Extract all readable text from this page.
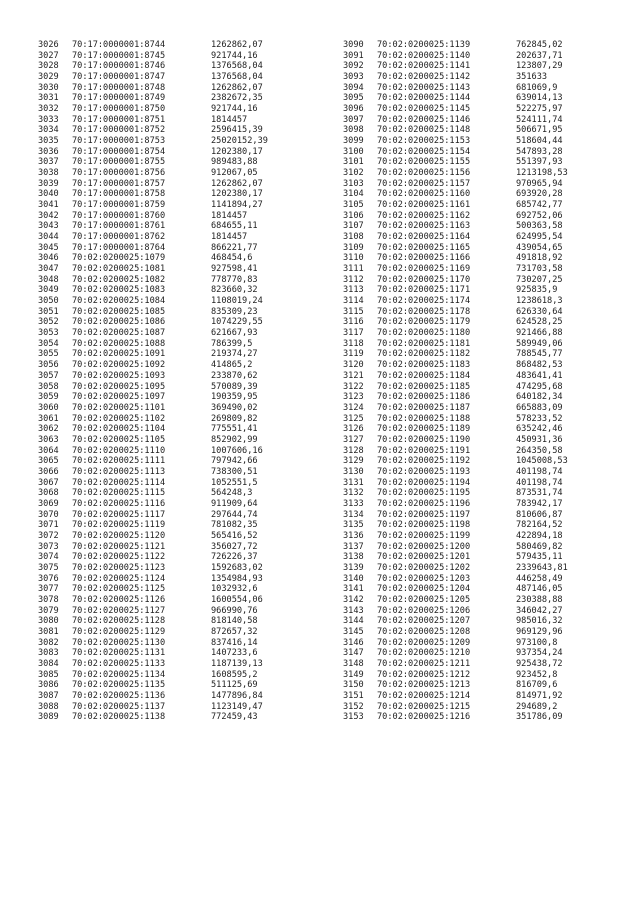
3026 70:17:0000001:8744	1262862,07
3027 70:17:0000001:8745	921744,16
3028 70:17:0000001:8746	1376568,04
3029 70:17:0000001:8747	1376568,04
3030 70:17:0000001:8748	1262862,07
3031 70:17:0000001:8749	2382672,35
3032 70:17:0000001:8750	921744,16
3033 70:17:0000001:8751	1814457
3034 70:17:0000001:8752	2596415,39
3035 70:17:0000001:8753	25020152,39
3036 70:17:0000001:8754	1202380,17
3037 70:17:0000001:8755	989483,88
3038 70:17:0000001:8756	912067,05
3039 70:17:0000001:8757	1262862,07
3040 70:17:0000001:8758	1202380,17
3041 70:17:0000001:8759	1141894,27
3042 70:17:0000001:8760	1814457
3043 70:17:0000001:8761	684655,11
3044 70:17:0000001:8762	1814457
3045 70:17:0000001:8764	866221,77
3046 70:02:0200025:1079	468454,6
3047 70:02:0200025:1081	927598,41
3048 70:02:0200025:1082	778770,83
3049 70:02:0200025:1083	823660,32
3050 70:02:0200025:1084	1108019,24
3051 70:02:0200025:1085	835309,23
3052 70:02:0200025:1086	1074229,55
3053 70:02:0200025:1087	621667,93
3054 70:02:0200025:1088	786399,5
3055 70:02:0200025:1091	219374,27
3056 70:02:0200025:1092	414865,2
3057 70:02:0200025:1093	233870,62
3058 70:02:0200025:1095	570089,39
3059 70:02:0200025:1097	190359,95
3060 70:02:0200025:1101	369490,02
3061 70:02:0200025:1102	269809,82
3062 70:02:0200025:1104	775551,41
3063 70:02:0200025:1105	852902,99
3064 70:02:0200025:1110	1007606,16
3065 70:02:0200025:1111	797942,66
3066 70:02:0200025:1113	738300,51
3067 70:02:0200025:1114	1052551,5
3068 70:02:0200025:1115	564248,3
3069 70:02:0200025:1116	911909,64
3070 70:02:0200025:1117	297644,74
3071 70:02:0200025:1119	781082,35
3072 70:02:0200025:1120	565416,52
3073 70:02:0200025:1121	356027,72
3074 70:02:0200025:1122	726226,37
3075 70:02:0200025:1123	1592683,02
3076 70:02:0200025:1124	1354984,93
3077 70:02:0200025:1125	1032932,6
3078 70:02:0200025:1126	1600554,06
3079 70:02:0200025:1127	966990,76
3080 70:02:0200025:1128	818140,58
3081 70:02:0200025:1129	872657,32
3082 70:02:0200025:1130	837416,14
3083 70:02:0200025:1131	1407233,6
3084 70:02:0200025:1133	1187139,13
3085 70:02:0200025:1134	1608595,2
3086 70:02:0200025:1135	511125,69
3087 70:02:0200025:1136	1477896,84
3088 70:02:0200025:1137	1123149,47
3089 70:02:0200025:1138	772459,43
3090 70:02:0200025:1139	762845,02
3091 70:02:0200025:1140	202637,71
3092 70:02:0200025:1141	123807,29
3093 70:02:0200025:1142	351633
3094 70:02:0200025:1143	681069,9
3095 70:02:0200025:1144	639014,13
3096 70:02:0200025:1145	522275,97
3097 70:02:0200025:1146	524111,74
3098 70:02:0200025:1148	506671,95
3099 70:02:0200025:1153	518604,44
3100 70:02:0200025:1154	547893,28
3101 70:02:0200025:1155	551397,93
3102 70:02:0200025:1156	1213198,53
3103 70:02:0200025:1157	970965,94
3104 70:02:0200025:1160	693920,28
3105 70:02:0200025:1161	685742,77
3106 70:02:0200025:1162	692752,06
3107 70:02:0200025:1163	500363,58
3108 70:02:0200025:1164	624995,54
3109 70:02:0200025:1165	439054,65
3110 70:02:0200025:1166	491818,92
3111 70:02:0200025:1169	731703,58
3112 70:02:0200025:1170	730207,25
3113 70:02:0200025:1171	925835,9
3114 70:02:0200025:1174	1238618,3
3115 70:02:0200025:1178	626330,64
3116 70:02:0200025:1179	624528,25
3117 70:02:0200025:1180	921466,88
3118 70:02:0200025:1181	589949,06
3119 70:02:0200025:1182	788545,77
3120 70:02:0200025:1183	868482,53
3121 70:02:0200025:1184	483641,41
3122 70:02:0200025:1185	474295,68
3123 70:02:0200025:1186	640182,34
3124 70:02:0200025:1187	665883,09
3125 70:02:0200025:1188	578233,52
3126 70:02:0200025:1189	635242,46
3127 70:02:0200025:1190	450931,36
3128 70:02:0200025:1191	264350,58
3129 70:02:0200025:1192	1045008,53
3130 70:02:0200025:1193	401198,74
3131 70:02:0200025:1194	401198,74
3132 70:02:0200025:1195	873531,74
3133 70:02:0200025:1196	783942,17
3134 70:02:0200025:1197	810606,87
3135 70:02:0200025:1198	782164,52
3136 70:02:0200025:1199	422894,18
3137 70:02:0200025:1200	580469,82
3138 70:02:0200025:1201	579435,11
3139 70:02:0200025:1202	2339643,81
3140 70:02:0200025:1203	446258,49
3141 70:02:0200025:1204	487146,05
3142 70:02:0200025:1205	230388,88
3143 70:02:0200025:1206	346042,27
3144 70:02:0200025:1207	985016,32
3145 70:02:0200025:1208	969129,96
3146 70:02:0200025:1209	973100,8
3147 70:02:0200025:1210	937354,24
3148 70:02:0200025:1211	925438,72
3149 70:02:0200025:1212	923452,8
3150 70:02:0200025:1213	816709,6
3151 70:02:0200025:1214	814971,92
3152 70:02:0200025:1215	294689,2
3153 70:02:0200025:1216	351786,09
